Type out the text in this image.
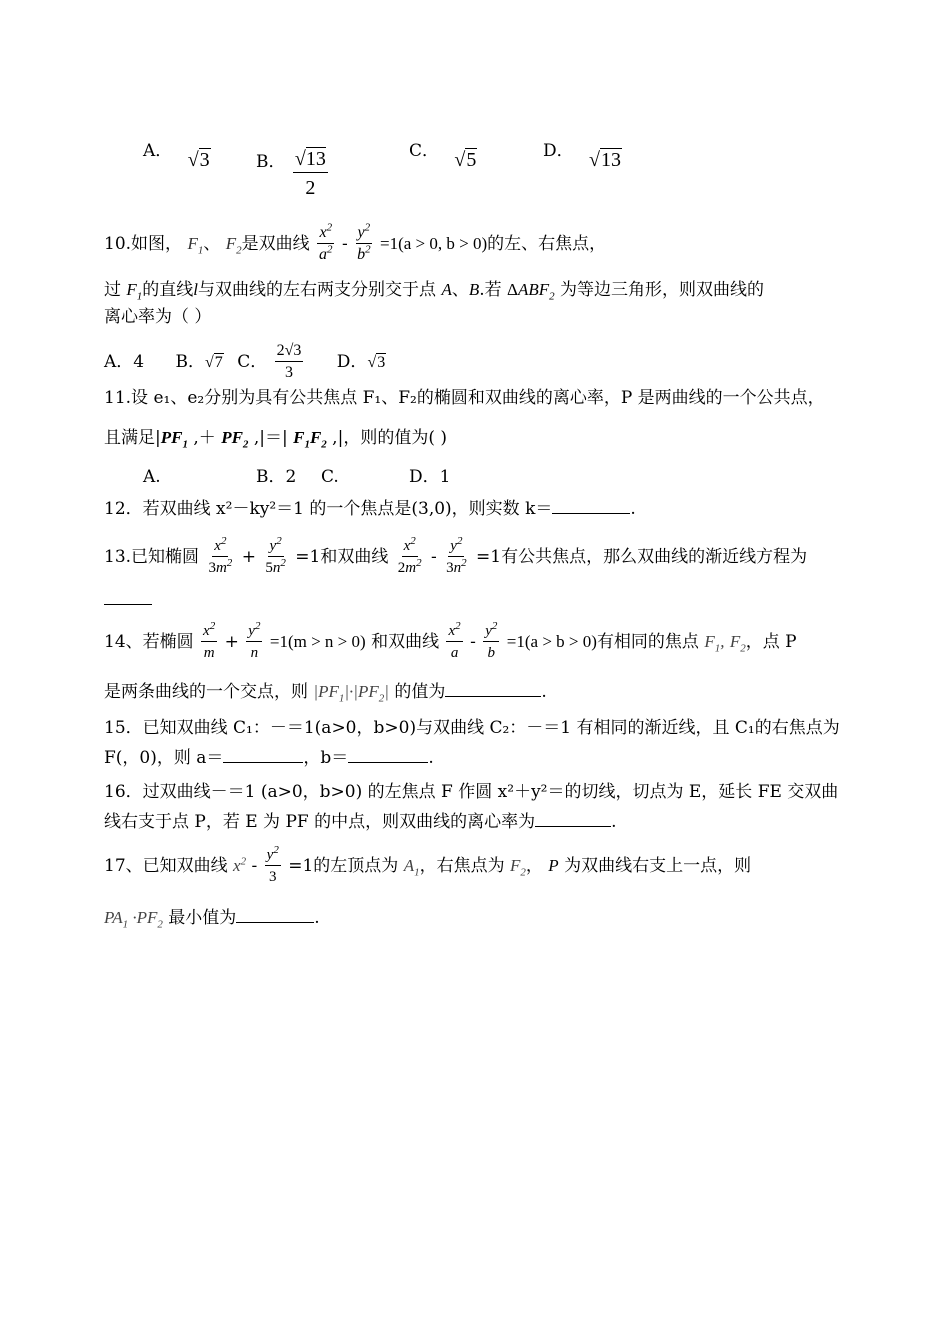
A． √3	B． $\frac{√13}{2}$	C． √5	D． √13
10.如图， $F_1$、 $F_2$是双曲线 $\frac{x^2}{a^2} - \frac{y^2}{b^2} =1(a > 0$, b > 0)的左、右焦点，
过 $F_1$的直线l与双曲线的左右两支分别交于点 A、B.若 $\Delta ABF_2$ 为等边三角形，则双曲线的
离心率为（ ）
A．4 B．√7 C． $\frac{2√3}{3}$ D．√3
11.设 e₁、e₂分别为具有公共焦点 F₁、F₂的椭圆和双曲线的离心率，P 是两曲线的一个公共点，
且满足$|PF_1$ ,＋ $PF_2$ ,|＝| $F_1F_2$ ,|，则的值为( )
A.	B．2 C.	D．1
12．若双曲线 x²－ky²＝1 的一个焦点是(3,0)，则实数 k＝	.
13.已知椭圆 $\frac{x^2}{3m^2} + \frac{y^2}{5n^2} =1$和双曲线 $\frac{x^2}{2m^2} - \frac{y^2}{3n^2} =1$有公共焦点，那么双曲线的渐近线方程为
14、若椭圆 $\frac{x^2}{m} + \frac{y^2}{n} =1(m > n > 0)$ 和双曲线 $\frac{x^2}{a} - \frac{y^2}{b} =1(a > b > 0)$有相同的焦点 $F_1$, $F_2$，点 P
是两条曲线的一个交点，则 $|PF_1|\cdot|PF_2|$ 的值为	.
15．已知双曲线 C₁：－＝1(a>0，b>0)与双曲线 C₂：－＝1 有相同的渐近线，且 C₁的右焦点为
F(，0)，则 a＝	，b＝	.
16．过双曲线－＝1 (a>0，b>0) 的左焦点 F 作圆 x²＋y²＝的切线，切点为 E，延长 FE 交双曲
线右支于点 P，若 E 为 PF 的中点，则双曲线的离心率为	.
17、已知双曲线 $x^2 - \frac{y^2}{3} =1$的左顶点为 $A_1$，右焦点为 $F_2$， P 为双曲线右支上一点，则
$PA_1 \cdot PF_2$ 最小值为	.
